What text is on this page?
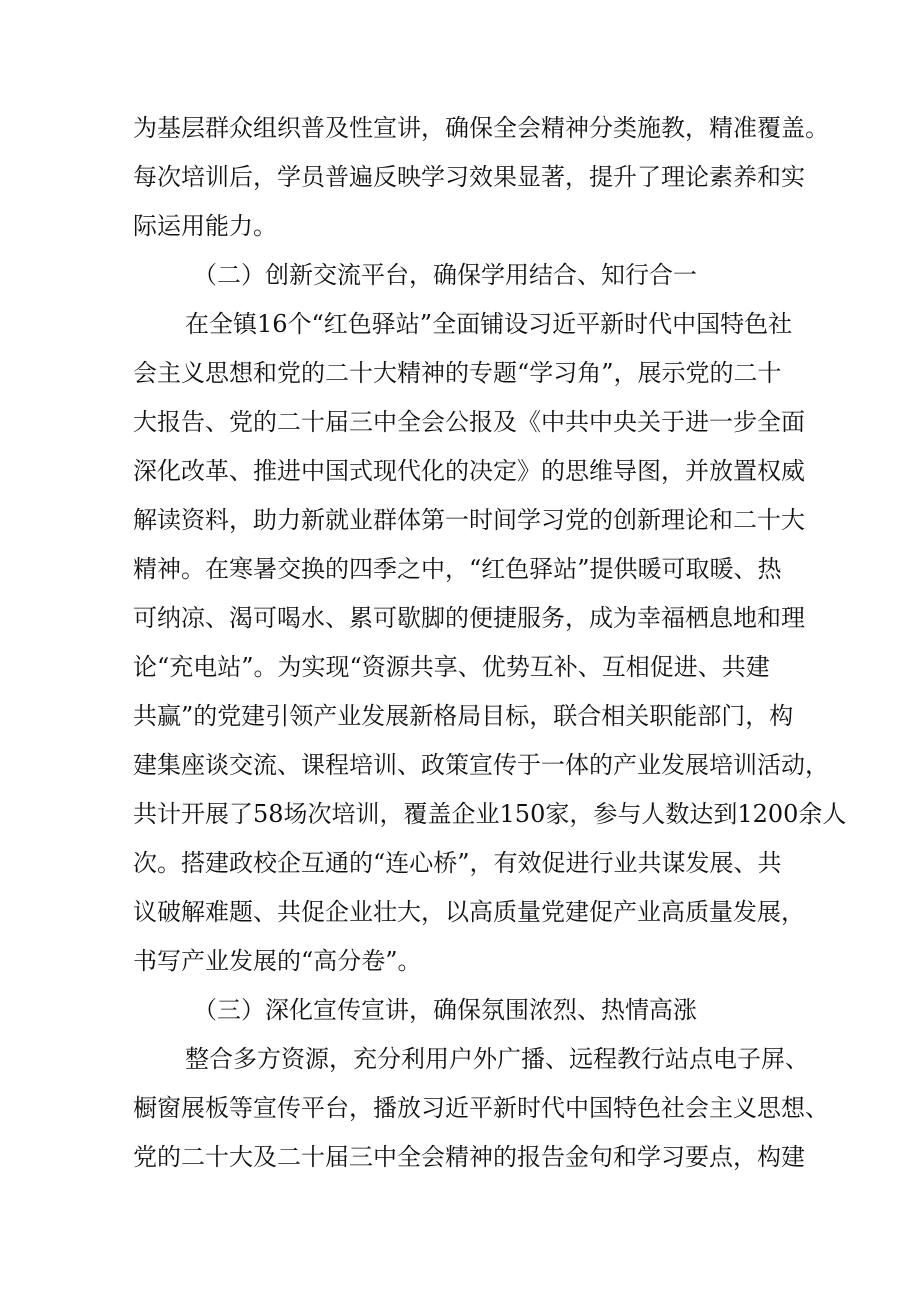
为基层群众组织普及性宣讲，确保全会精神分类施教，精准覆盖。
每次培训后，学员普遍反映学习效果显著，提升了理论素养和实
际运用能力。
（二）创新交流平台，确保学用结合、知行合一
在全镇16个“红色驿站”全面铺设习近平新时代中国特色社
会主义思想和党的二十大精神的专题“学习角”，展示党的二十
大报告、党的二十届三中全会公报及《中共中央关于进一步全面
深化改革、推进中国式现代化的决定》的思维导图，并放置权威
解读资料，助力新就业群体第一时间学习党的创新理论和二十大
精神。在寒暑交换的四季之中，“红色驿站”提供暖可取暖、热
可纳凉、渴可喝水、累可歇脚的便捷服务，成为幸福栖息地和理
论“充电站”。为实现“资源共享、优势互补、互相促进、共建
共赢”的党建引领产业发展新格局目标，联合相关职能部门，构
建集座谈交流、课程培训、政策宣传于一体的产业发展培训活动，
共计开展了58场次培训，覆盖企业150家，参与人数达到1200余人
次。搭建政校企互通的“连心桥”，有效促进行业共谋发展、共
议破解难题、共促企业壮大，以高质量党建促产业高质量发展，
书写产业发展的“高分卷”。
（三）深化宣传宣讲，确保氛围浓烈、热情高涨
整合多方资源，充分利用户外广播、远程教行站点电子屏、
橱窗展板等宣传平台，播放习近平新时代中国特色社会主义思想、
党的二十大及二十届三中全会精神的报告金句和学习要点，构建
